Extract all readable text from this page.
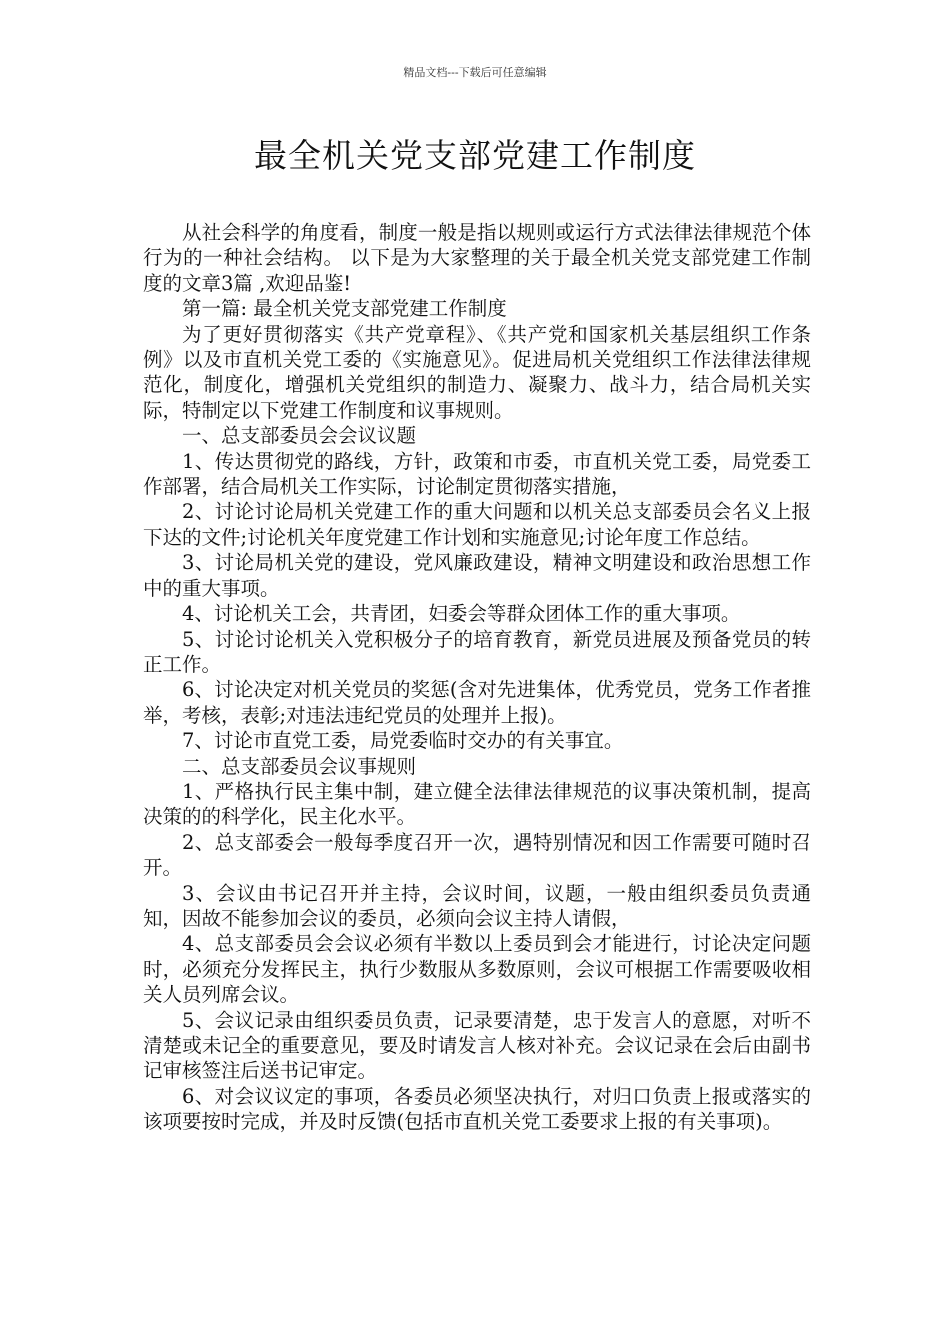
精品文档---下载后可任意编辑
最全机关党支部党建工作制度

从社会科学的角度看，制度一般是指以规则或运行方式法律法律规范个体行为的一种社会结构。 以下是为大家整理的关于最全机关党支部党建工作制度的文章3篇 ,欢迎品鉴!

第一篇: 最全机关党支部党建工作制度

为了更好贯彻落实《共产党章程》、《共产党和国家机关基层组织工作条例》以及市直机关党工委的《实施意见》。促进局机关党组织工作法律法律规范化，制度化，增强机关党组织的制造力、凝聚力、战斗力，结合局机关实际，特制定以下党建工作制度和议事规则。

一、总支部委员会会议议题

1、传达贯彻党的路线，方针，政策和市委，市直机关党工委，局党委工作部署，结合局机关工作实际，讨论制定贯彻落实措施，

2、讨论讨论局机关党建工作的重大问题和以机关总支部委员会名义上报下达的文件;讨论机关年度党建工作计划和实施意见;讨论年度工作总结。

3、讨论局机关党的建设，党风廉政建设，精神文明建设和政治思想工作中的重大事项。

4、讨论机关工会，共青团，妇委会等群众团体工作的重大事项。

5、讨论讨论机关入党积极分子的培育教育，新党员进展及预备党员的转正工作。

6、讨论决定对机关党员的奖惩(含对先进集体，优秀党员，党务工作者推举，考核，表彰;对违法违纪党员的处理并上报)。

7、讨论市直党工委，局党委临时交办的有关事宜。

二、总支部委员会议事规则

1、严格执行民主集中制，建立健全法律法律规范的议事决策机制，提高决策的的科学化，民主化水平。

2、总支部委会一般每季度召开一次，遇特别情况和因工作需要可随时召开。

3、会议由书记召开并主持，会议时间，议题，一般由组织委员负责通知，因故不能参加会议的委员，必须向会议主持人请假，

4、总支部委员会会议必须有半数以上委员到会才能进行，讨论决定问题时，必须充分发挥民主，执行少数服从多数原则，会议可根据工作需要吸收相关人员列席会议。

5、会议记录由组织委员负责，记录要清楚，忠于发言人的意愿，对听不清楚或未记全的重要意见，要及时请发言人核对补充。会议记录在会后由副书记审核签注后送书记审定。

6、对会议议定的事项，各委员必须坚决执行，对归口负责上报或落实的该项要按时完成，并及时反馈(包括市直机关党工委要求上报的有关事项)。
